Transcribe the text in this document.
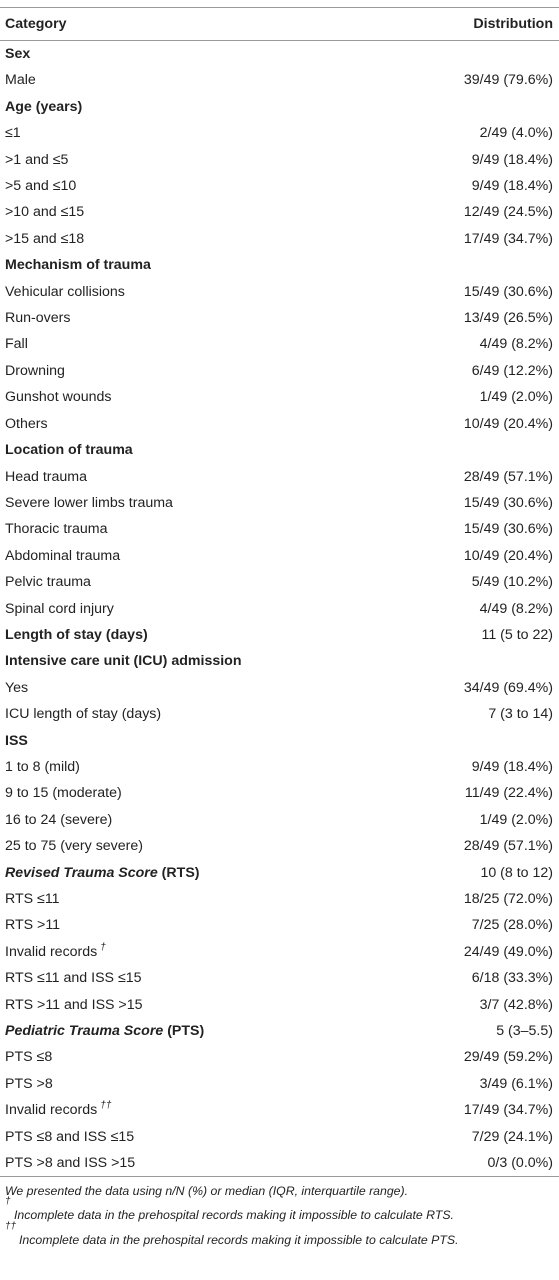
Category	Distribution
Sex	
Male	39/49 (79.6%)
Age (years)	
≤1	2/49 (4.0%)
>1 and ≤5	9/49 (18.4%)
>5 and ≤10	9/49 (18.4%)
>10 and ≤15	12/49 (24.5%)
>15 and ≤18	17/49 (34.7%)
Mechanism of trauma	
Vehicular collisions	15/49 (30.6%)
Run-overs	13/49 (26.5%)
Fall	4/49 (8.2%)
Drowning	6/49 (12.2%)
Gunshot wounds	1/49 (2.0%)
Others	10/49 (20.4%)
Location of trauma	
Head trauma	28/49 (57.1%)
Severe lower limbs trauma	15/49 (30.6%)
Thoracic trauma	15/49 (30.6%)
Abdominal trauma	10/49 (20.4%)
Pelvic trauma	5/49 (10.2%)
Spinal cord injury	4/49 (8.2%)
Length of stay (days)	11 (5 to 22)
Intensive care unit (ICU) admission	
Yes	34/49 (69.4%)
ICU length of stay (days)	7 (3 to 14)
ISS	
1 to 8 (mild)	9/49 (18.4%)
9 to 15 (moderate)	11/49 (22.4%)
16 to 24 (severe)	1/49 (2.0%)
25 to 75 (very severe)	28/49 (57.1%)
Revised Trauma Score (RTS)	10 (8 to 12)
RTS ≤11	18/25 (72.0%)
RTS >11	7/25 (28.0%)
Invalid records †	24/49 (49.0%)
RTS ≤11 and ISS ≤15	6/18 (33.3%)
RTS >11 and ISS >15	3/7 (42.8%)
Pediatric Trauma Score (PTS)	5 (3–5.5)
PTS ≤8	29/49 (59.2%)
PTS >8	3/49 (6.1%)
Invalid records ††	17/49 (34.7%)
PTS ≤8 and ISS ≤15	7/29 (24.1%)
PTS >8 and ISS >15	0/3 (0.0%)
We presented the data using n/N (%) or median (IQR, interquartile range).
†
Incomplete data in the prehospital records making it impossible to calculate RTS.
††
Incomplete data in the prehospital records making it impossible to calculate PTS.
